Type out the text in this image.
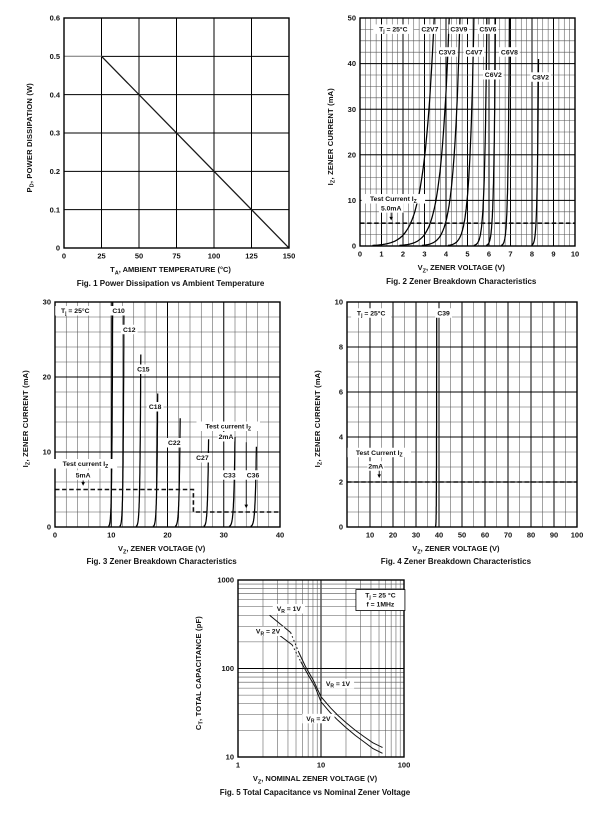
$P_D$, POWER DISSIPATION (W)
0	25	50	75	100	125	150
0
0.1
0.2
0.3
0.4
0.5
0.6
$T_A$, AMBIENT TEMPERATURE (°C)
Fig. 1 Power Dissipation vs Ambient Temperature
$I_Z$, ZENER CURRENT (mA)
C2V7
C3V3
C3V9
C4V7
C5V6
C6V2
C6V8
C8V2
$T_j = 25^\circ C$
Test Current $I_Z$
5.0mA
0 1 2 3 4 5 6 7 8 9 10
0
10
20
30
40
50
$V_Z$, ZENER VOLTAGE (V)
Fig. 2 Zener Breakdown Characteristics
$I_Z$, ZENER CURRENT (mA)
C10
C12
C15
C18
C22
C27
C33 C36
$T_j = 25^\circ C$
Test current $I_Z$
5mA
Test current $I_Z$
2mA
0	10	20	30	40
0
10
20
30
$V_Z$, ZENER VOLTAGE (V)
Fig. 3 Zener Breakdown Characteristics
$I_Z$, ZENER CURRENT (mA)
C39
$T_j = 25^\circ C$
Test Current $I_Z$
2mA
10 20 30 40 50 60 70 80 90 100
0
2
4
6
8
10
$V_Z$, ZENER VOLTAGE (V)
Fig. 4 Zener Breakdown Characteristics
$C_T$, TOTAL CAPACITANCE (pF)
$T_j = 25$ °C
f = 1MHz
$V_R = 1V$
$V_R = 2V$
$V_R = 1V$
$V_R = 2V$
1	10	100
10
100
1000
$V_Z$, NOMINAL ZENER VOLTAGE (V)
Fig. 5 Total Capacitance vs Nominal Zener Voltage
